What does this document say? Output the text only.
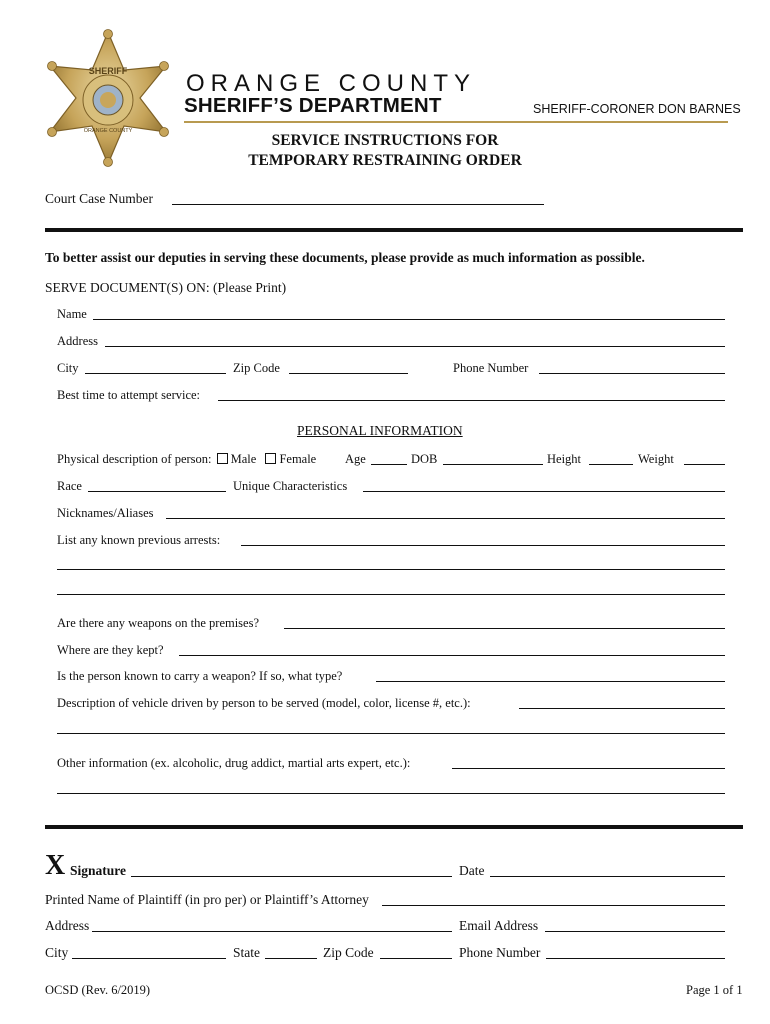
SHERIFF
ORANGE COUNTY
ORANGE COUNTY
SHERIFF’S DEPARTMENT	SHERIFF-CORONER DON BARNES
SERVICE INSTRUCTIONS FOR
TEMPORARY RESTRAINING ORDER
Court Case Number
To better assist our deputies in serving these documents, please provide as much information as possible.
SERVE DOCUMENT(S) ON: (Please Print)
Name
Address
City	Zip Code	Phone Number
Best time to attempt service:
PERSONAL INFORMATION
Physical description of person: Male Female Age	DOB	Height	Weight
Race	Unique Characteristics
Nicknames/Aliases
List any known previous arrests:
Are there any weapons on the premises?
Where are they kept?
Is the person known to carry a weapon? If so, what type?
Description of vehicle driven by person to be served (model, color, license #, etc.):
Other information (ex. alcoholic, drug addict, martial arts expert, etc.):
X Signature	Date
Printed Name of Plaintiff (in pro per) or Plaintiff’s Attorney
Address	Email Address
City	State	Zip Code	Phone Number
OCSD (Rev. 6/2019)	Page 1 of 1
